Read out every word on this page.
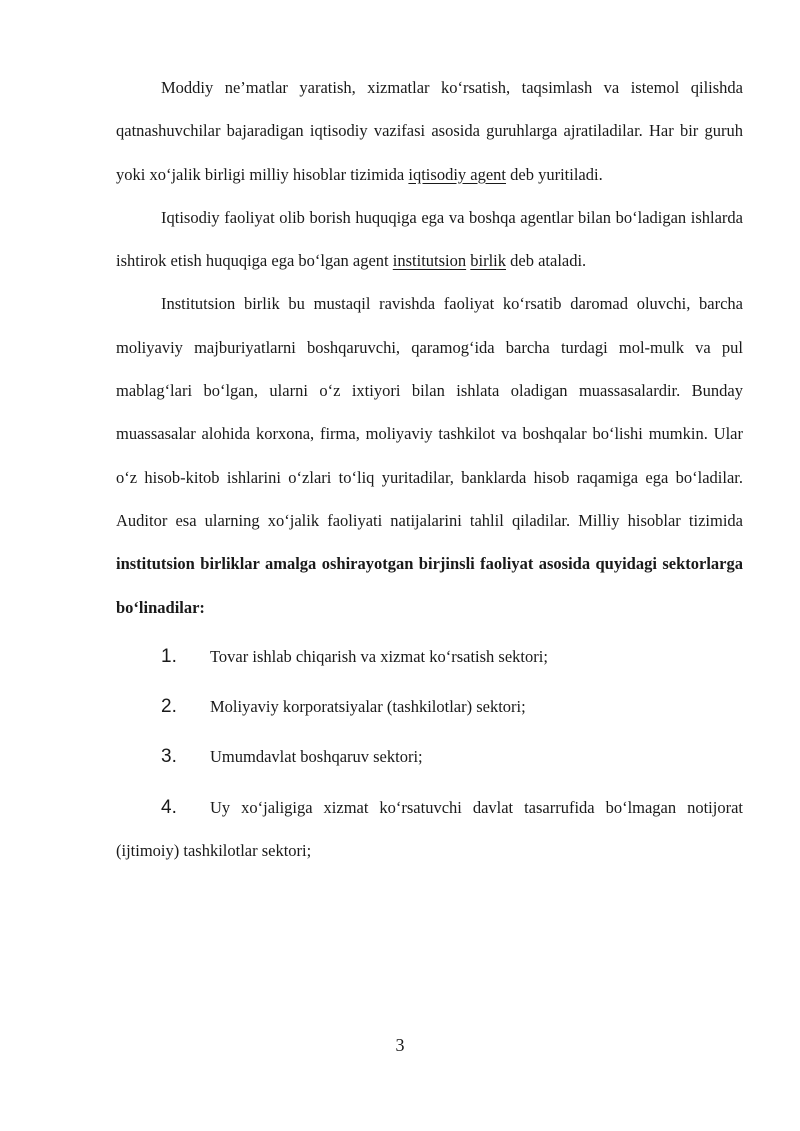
Moddiy ne’matlar yaratish, xizmatlar ko‘rsatish, taqsimlash va istemol qilishda qatnashuvchilar bajaradigan iqtisodiy vazifasi asosida guruhlarga ajratiladilar. Har bir guruh yoki xo‘jalik birligi milliy hisoblar tizimida iqtisodiy agent deb yuritiladi.

Iqtisodiy faoliyat olib borish huquqiga ega va boshqa agentlar bilan bo‘ladigan ishlarda ishtirok etish huquqiga ega bo‘lgan agent institutsion birlik deb ataladi.

Institutsion birlik bu mustaqil ravishda faoliyat ko‘rsatib daromad oluvchi, barcha moliyaviy majburiyatlarni boshqaruvchi, qaramog‘ida barcha turdagi mol-mulk va pul mablag‘lari bo‘lgan, ularni o‘z ixtiyori bilan ishlata oladigan muassasalardir. Bunday muassasalar alohida korxona, firma, moliyaviy tashkilot va boshqalar bo‘lishi mumkin. Ular o‘z hisob-kitob ishlarini o‘zlari to‘liq yuritadilar, banklarda hisob raqamiga ega bo‘ladilar. Auditor esa ularning xo‘jalik faoliyati natijalarini tahlil qiladilar. Milliy hisoblar tizimida institutsion birliklar amalga oshirayotgan birjinsli faoliyat asosida quyidagi sektorlarga bo‘linadilar:

1. Tovar ishlab chiqarish va xizmat ko‘rsatish sektori;
2. Moliyaviy korporatsiyalar (tashkilotlar) sektori;
3. Umumdavlat boshqaruv sektori;
4. Uy xo‘jaligiga xizmat ko‘rsatuvchi davlat tasarrufida bo‘lmagan notijorat (ijtimoiy) tashkilotlar sektori;
3
